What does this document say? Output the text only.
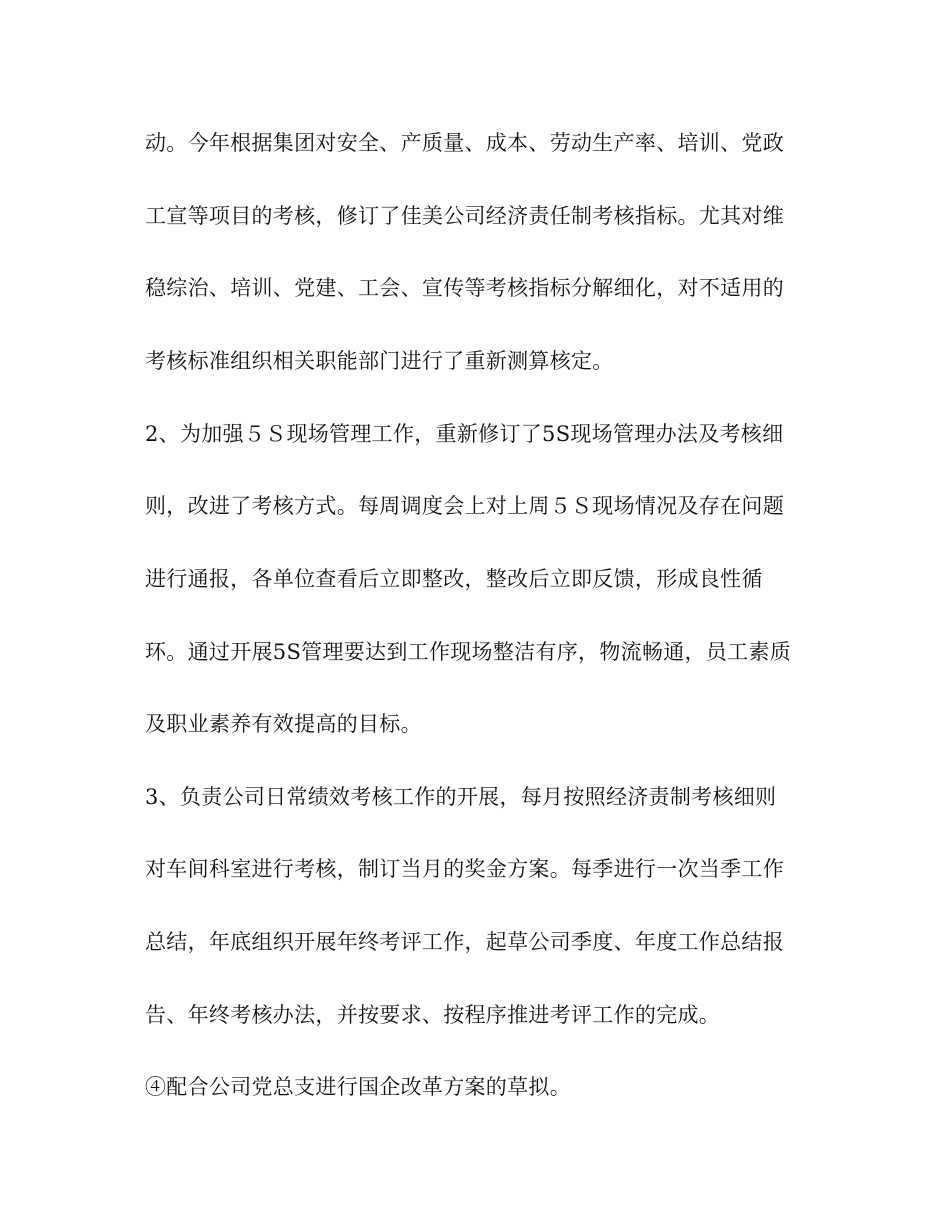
动。今年根据集团对安全、产质量、成本、劳动生产率、培训、党政
工宣等项目的考核，修订了佳美公司经济责任制考核指标。尤其对维
稳综治、培训、党建、工会、宣传等考核指标分解细化，对不适用的
考核标准组织相关职能部门进行了重新测算核定。
2、为加强５Ｓ现场管理工作，重新修订了5S现场管理办法及考核细
则，改进了考核方式。每周调度会上对上周５Ｓ现场情况及存在问题
进行通报，各单位查看后立即整改，整改后立即反馈，形成良性循
环。通过开展5S管理要达到工作现场整洁有序，物流畅通，员工素质
及职业素养有效提高的目标。
3、负责公司日常绩效考核工作的开展，每月按照经济责制考核细则
对车间科室进行考核，制订当月的奖金方案。每季进行一次当季工作
总结，年底组织开展年终考评工作，起草公司季度、年度工作总结报
告、年终考核办法，并按要求、按程序推进考评工作的完成。
④配合公司党总支进行国企改革方案的草拟。
